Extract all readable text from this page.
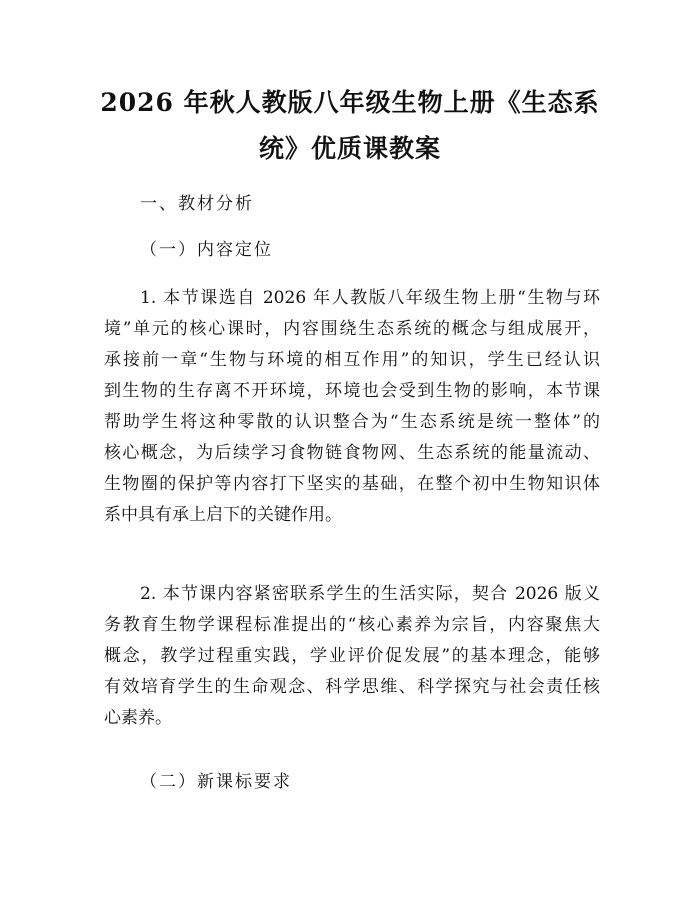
2026 年秋人教版八年级生物上册《生态系
统》优质课教案

一、教材分析

（一）内容定位

1. 本节课选自 2026 年人教版八年级生物上册“生物与环
境”单元的核心课时，内容围绕生态系统的概念与组成展开，
承接前一章“生物与环境的相互作用”的知识，学生已经认识
到生物的生存离不开环境，环境也会受到生物的影响，本节课
帮助学生将这种零散的认识整合为“生态系统是统一整体”的
核心概念，为后续学习食物链食物网、生态系统的能量流动、
生物圈的保护等内容打下坚实的基础，在整个初中生物知识体
系中具有承上启下的关键作用。
2. 本节课内容紧密联系学生的生活实际，契合 2026 版义
务教育生物学课程标准提出的“核心素养为宗旨，内容聚焦大
概念，教学过程重实践，学业评价促发展”的基本理念，能够
有效培育学生的生命观念、科学思维、科学探究与社会责任核
心素养。

（二）新课标要求
